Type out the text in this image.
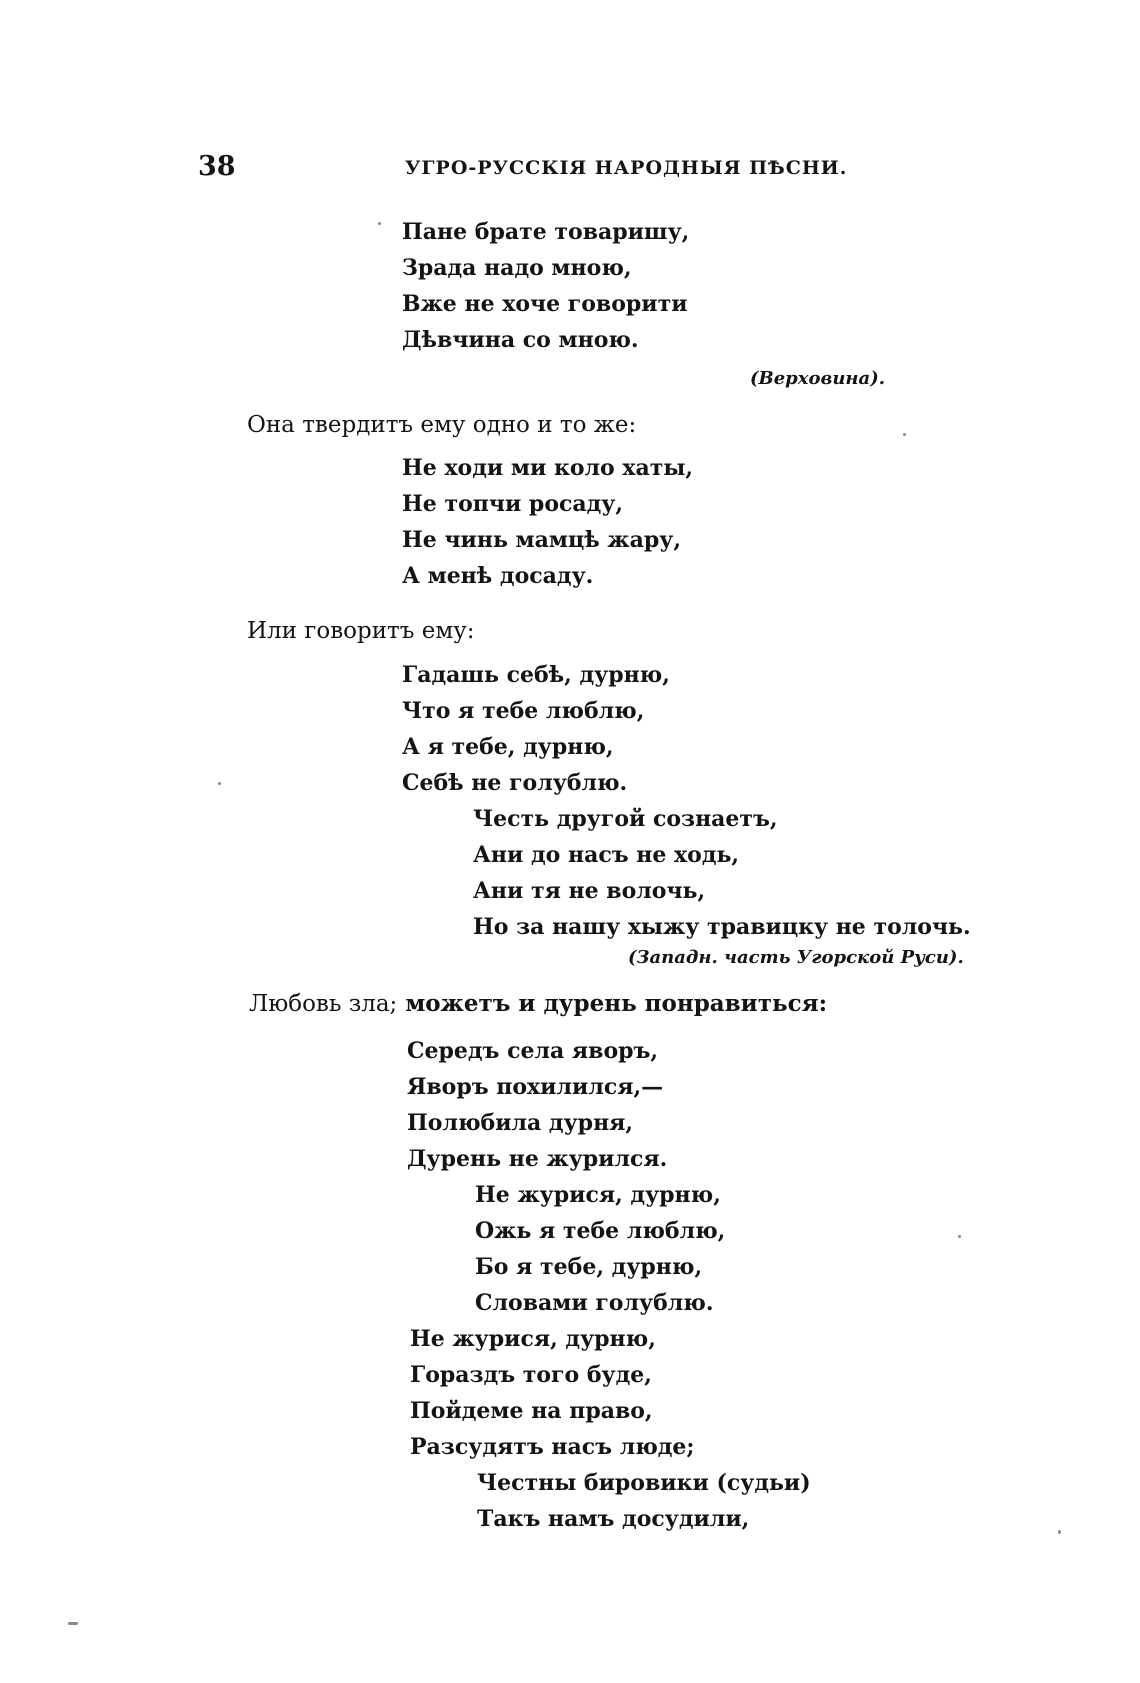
38	УГРО-РУССКІЯ НАРОДНЫЯ ПѢСНИ.
Пане брате товаришу,
Зрада надо мною,
Вже не хоче говорити
Дѣвчина со мною.
(Верховина).
Она твердитъ ему одно и то же:
Не ходи ми коло хаты,
Не топчи росаду,
Не чинь мамцѣ жару,
А менѣ досаду.
Или говоритъ ему:
Гадашь себѣ, дурню,
Что я тебе люблю,
А я тебе, дурню,
Себѣ не голублю.
Честь другой сознаетъ,
Ани до насъ не ходь,
Ани тя не волочь,
Но за нашу хыжу травицку не толочь.
(Западн. часть Угорской Руси).
Любовь зла; можетъ и дурень понравиться:
Середъ села яворъ,
Яворъ похилился,—
Полюбила дурня,
Дурень не журился.
Не журися, дурню,
Ожь я тебе люблю,
Бо я тебе, дурню,
Словами голублю.
Не журися, дурню,
Гораздъ того буде,
Пойдеме на право,
Разсудятъ насъ люде;
Честны бировики (судьи)
Такъ намъ досудили,
